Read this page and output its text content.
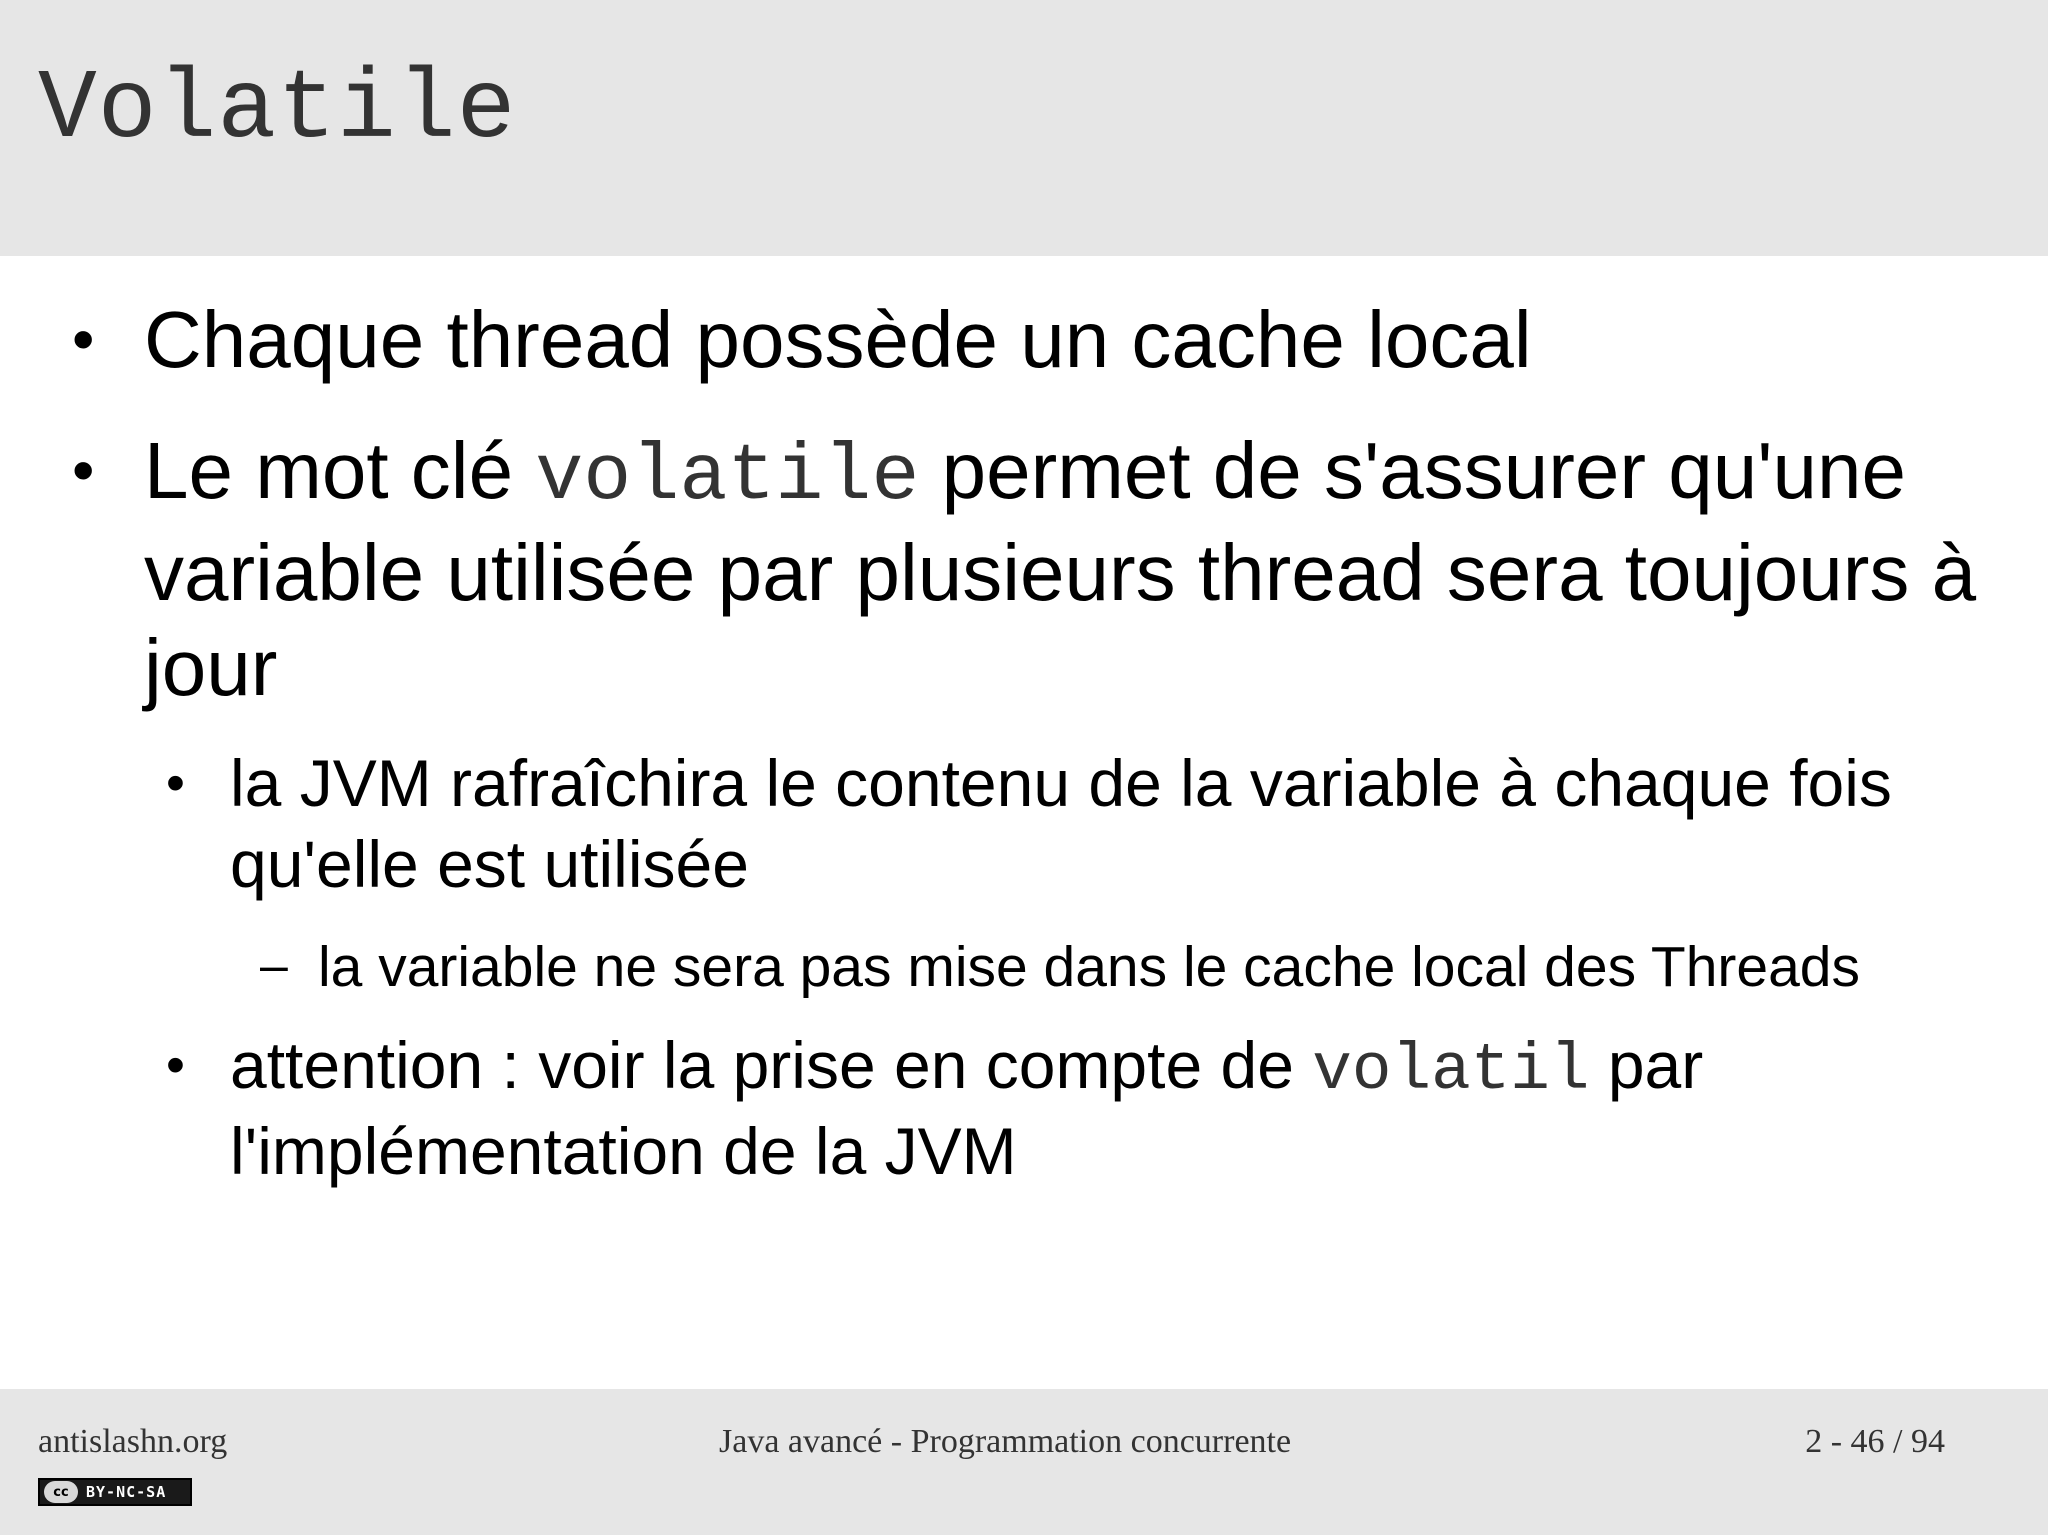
Volatile
• Chaque thread possède un cache local
• Le mot clé volatile permet de s'assurer qu'une variable utilisée par plusieurs thread sera toujours à jour
• la JVM rafraîchira le contenu de la variable à chaque fois qu'elle est utilisée
– la variable ne sera pas mise dans le cache local des Threads
• attention : voir la prise en compte de volatil par l'implémentation de la JVM
antislashn.org	Java avancé - Programmation concurrente	2 - 46 / 94
cc	BY-NC-SA
